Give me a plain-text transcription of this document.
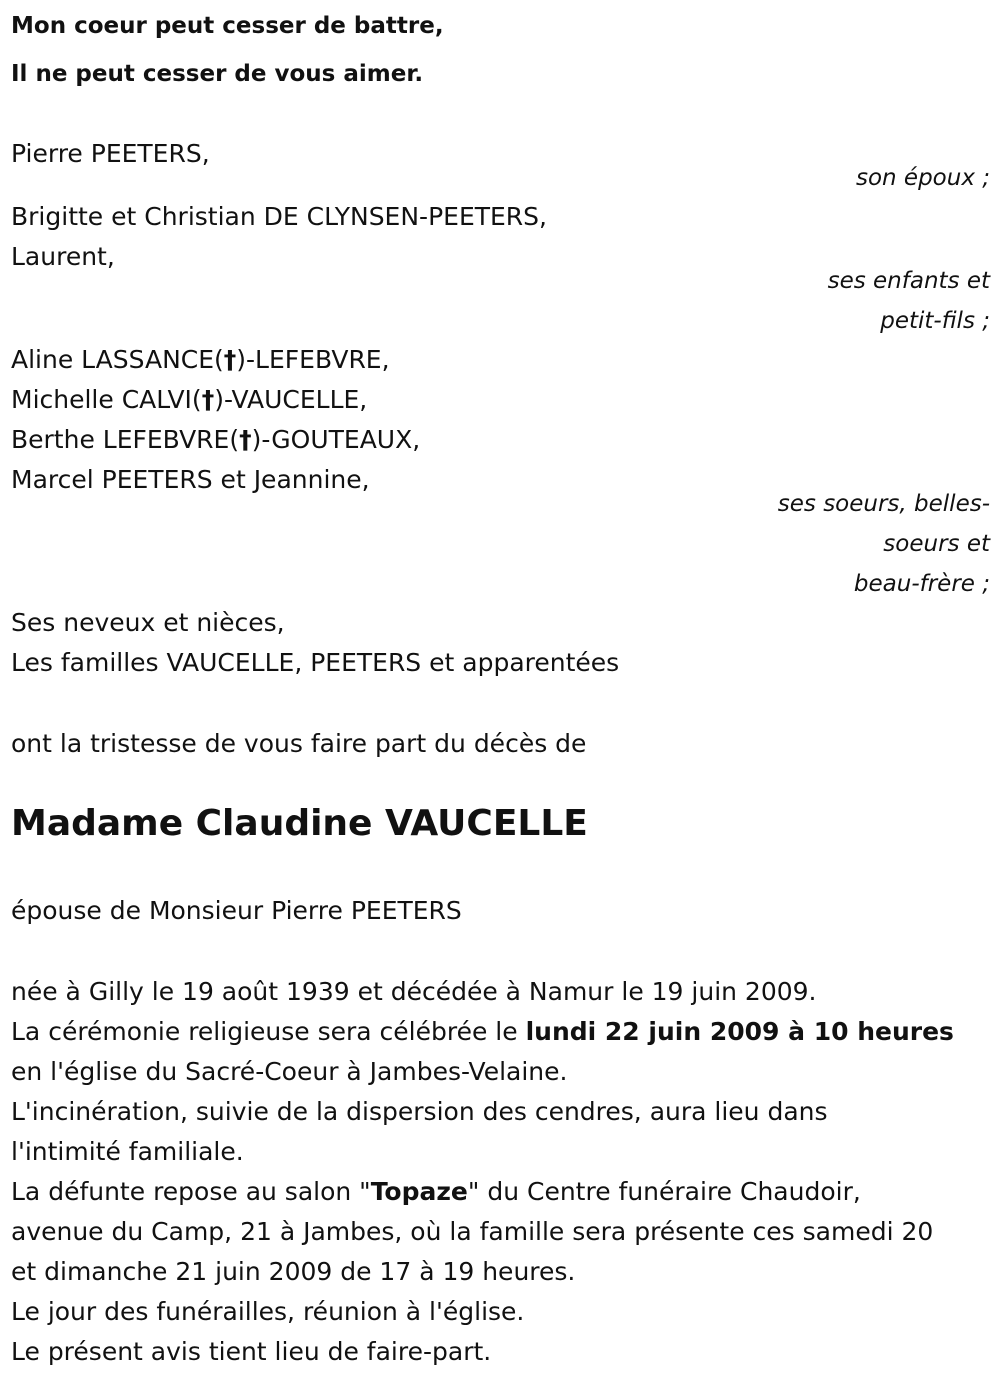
Mon coeur peut cesser de battre,
Il ne peut cesser de vous aimer.
Pierre PEETERS,
son époux ;
Brigitte et Christian DE CLYNSEN-PEETERS,
Laurent,
ses enfants et
petit-fils ;
Aline LASSANCE(†)-LEFEBVRE,
Michelle CALVI(†)-VAUCELLE,
Berthe LEFEBVRE(†)-GOUTEAUX,
Marcel PEETERS et Jeannine,
ses soeurs, belles-
soeurs et
beau-frère ;
Ses neveux et nièces,
Les familles VAUCELLE, PEETERS et apparentées
ont la tristesse de vous faire part du décès de
Madame Claudine VAUCELLE
épouse de Monsieur Pierre PEETERS
née à Gilly le 19 août 1939 et décédée à Namur le 19 juin 2009.
La cérémonie religieuse sera célébrée le lundi 22 juin 2009 à 10 heures
en l'église du Sacré-Coeur à Jambes-Velaine.
L'incinération, suivie de la dispersion des cendres, aura lieu dans
l'intimité familiale.
La défunte repose au salon "Topaze" du Centre funéraire Chaudoir,
avenue du Camp, 21 à Jambes, où la famille sera présente ces samedi 20
et dimanche 21 juin 2009 de 17 à 19 heures.
Le jour des funérailles, réunion à l'église.
Le présent avis tient lieu de faire-part.
